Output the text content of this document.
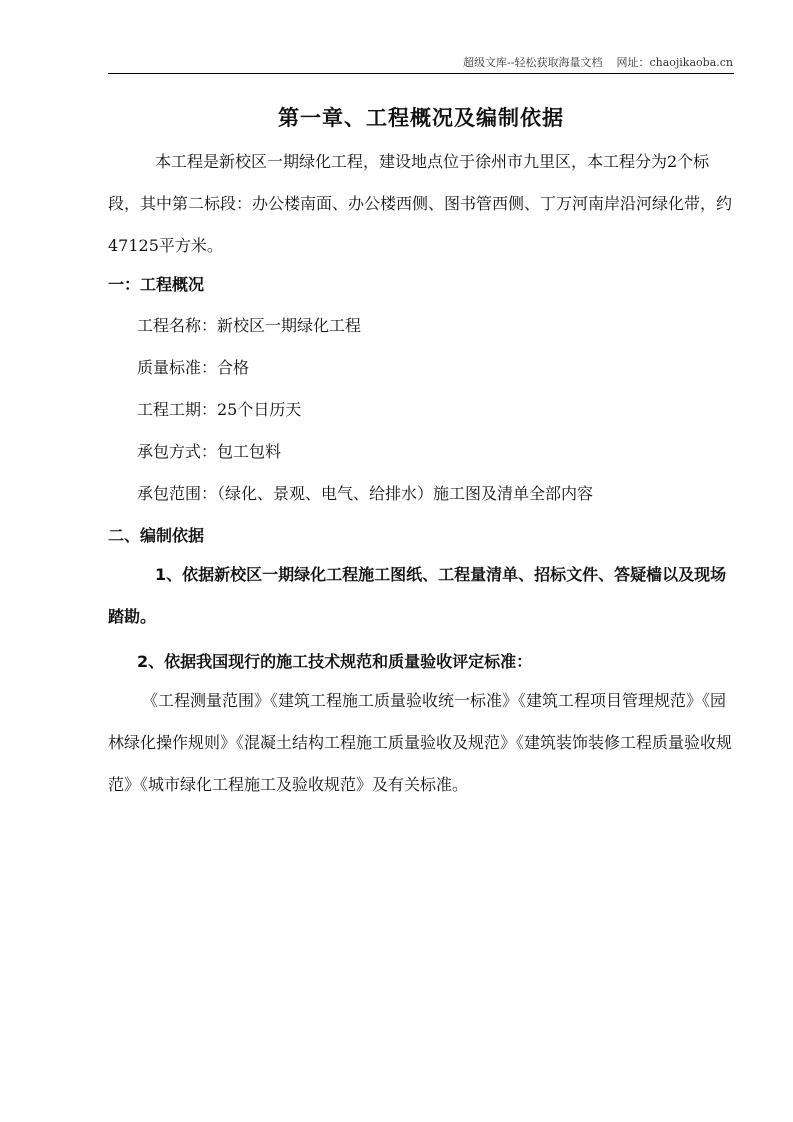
超级文库--轻松获取海量文档 网址：chaojikaoba.cn
第一章、工程概况及编制依据
本工程是新校区一期绿化工程，建设地点位于徐州市九里区，本工程分为2个标段，其中第二标段：办公楼南面、办公楼西侧、图书管西侧、丁万河南岸沿河绿化带，约47125平方米。
一：工程概况
工程名称：新校区一期绿化工程
质量标准：合格
工程工期：25个日历天
承包方式：包工包料
承包范围：（绿化、景观、电气、给排水）施工图及清单全部内容
二、编制依据
1、依据新校区一期绿化工程施工图纸、工程量清单、招标文件、答疑樯以及现场踏勘。
2、依据我国现行的施工技术规范和质量验收评定标准：
《工程测量范围》《建筑工程施工质量验收统一标准》《建筑工程项目管理规范》《园林绿化操作规则》《混凝土结构工程施工质量验收及规范》《建筑装饰装修工程质量验收规范》《城市绿化工程施工及验收规范》及有关标准。
